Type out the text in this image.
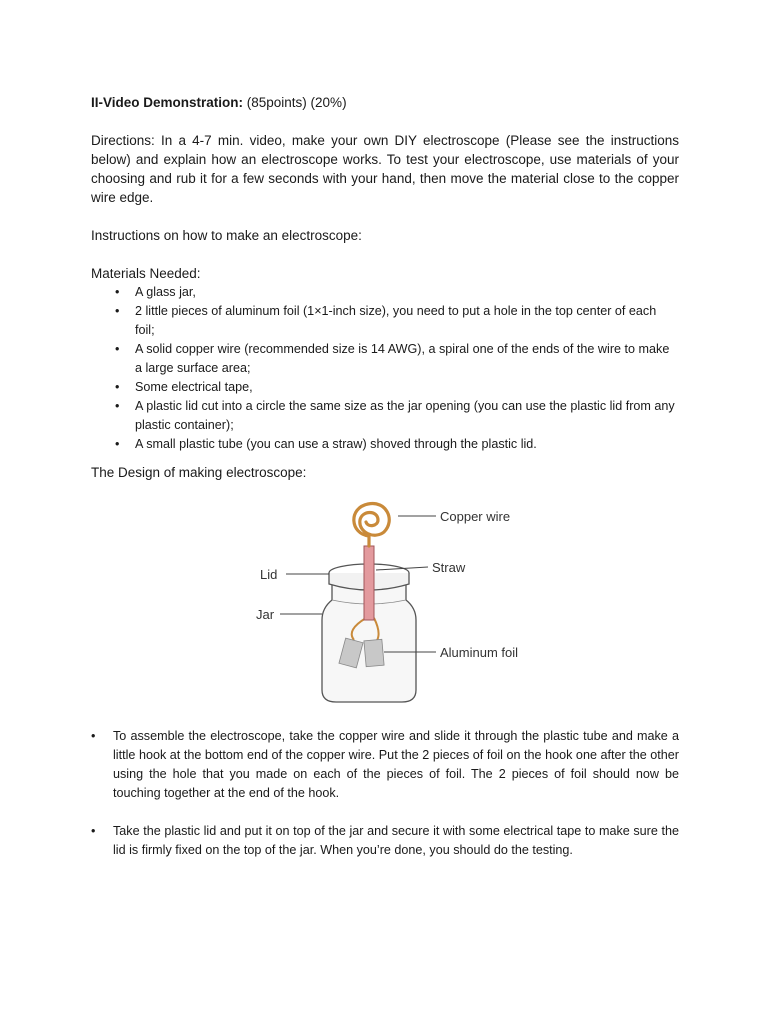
II-Video Demonstration: (85points) (20%)
Directions: In a 4-7 min. video, make your own DIY electroscope (Please see the instructions below) and explain how an electroscope works. To test your electroscope, use materials of your choosing and rub it for a few seconds with your hand, then move the material close to the copper wire edge.
Instructions on how to make an electroscope:
Materials Needed:
• A glass jar,
• 2 little pieces of aluminum foil (1×1-inch size), you need to put a hole in the top center of each foil;
• A solid copper wire (recommended size is 14 AWG), a spiral one of the ends of the wire to make a large surface area;
• Some electrical tape,
• A plastic lid cut into a circle the same size as the jar opening (you can use the plastic lid from any plastic container);
• A small plastic tube (you can use a straw) shoved through the plastic lid.
The Design of making electroscope:
Copper wire
Straw
Lid
Jar
Aluminum foil
• To assemble the electroscope, take the copper wire and slide it through the plastic tube and make a little hook at the bottom end of the copper wire. Put the 2 pieces of foil on the hook one after the other using the hole that you made on each of the pieces of foil. The 2 pieces of foil should now be touching together at the end of the hook.
• Take the plastic lid and put it on top of the jar and secure it with some electrical tape to make sure the lid is firmly fixed on the top of the jar. When you’re done, you should do the testing.
